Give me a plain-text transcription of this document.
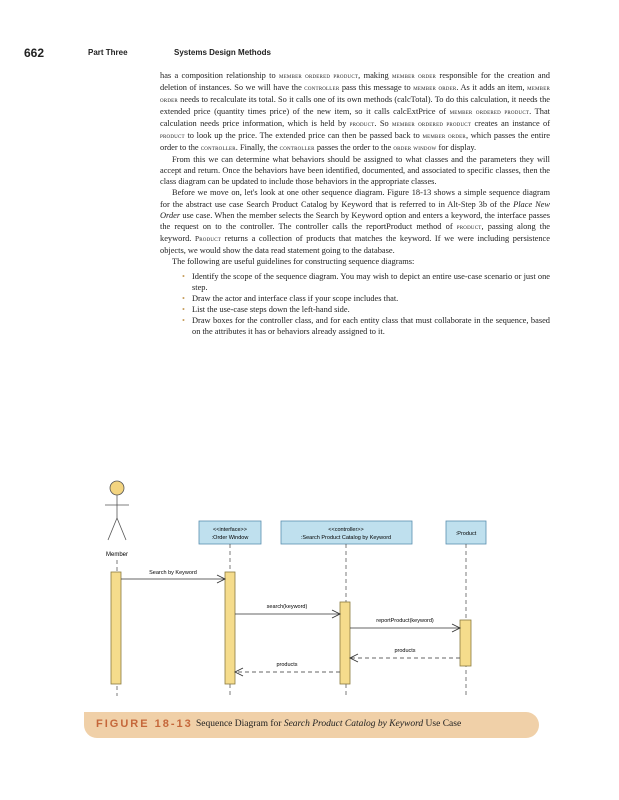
662	Part Three	Systems Design Methods

has a composition relationship to member ordered product, making member order responsible for the creation and deletion of instances. So we will have the controller pass this message to member order. As it adds an item, member order needs to recalculate its total. So it calls one of its own methods (calcTotal). To do this calculation, it needs the extended price (quantity times price) of the new item, so it calls calcExtPrice of member ordered product. That calculation needs price information, which is held by product. So member ordered product creates an instance of product to look up the price. The extended price can then be passed back to member order, which passes the entire order to the controller. Finally, the controller passes the order to the order window for display.

From this we can determine what behaviors should be assigned to what classes and the parameters they will accept and return. Once the behaviors have been identified, documented, and associated to specific classes, then the class diagram can be updated to include those behaviors in the appropriate classes.

Before we move on, let's look at one other sequence diagram. Figure 18-13 shows a simple sequence diagram for the abstract use case Search Product Catalog by Keyword that is referred to in Alt-Step 3b of the Place New Order use case. When the member selects the Search by Keyword option and enters a keyword, the interface passes the request on to the controller. The controller calls the reportProduct method of product, passing along the keyword. Product returns a collection of products that matches the keyword. If we were including persistence objects, we would show the data read statement going to the database.

The following are useful guidelines for constructing sequence diagrams:

• Identify the scope of the sequence diagram. You may wish to depict an entire use-case scenario or just one step.
• Draw the actor and interface class if your scope includes that.
• List the use-case steps down the left-hand side.
• Draw boxes for the controller class, and for each entity class that must collaborate in the sequence, based on the attributes it has or behaviors already assigned to it.
Member
<<interface>>
:Order Window
<<controller>>
:Search Product Catalog by Keyword
:Product
Search by Keyword
search(keyword)
reportProduct(keyword)
products
products
FIGURE 18-13 Sequence Diagram for Search Product Catalog by Keyword Use Case
